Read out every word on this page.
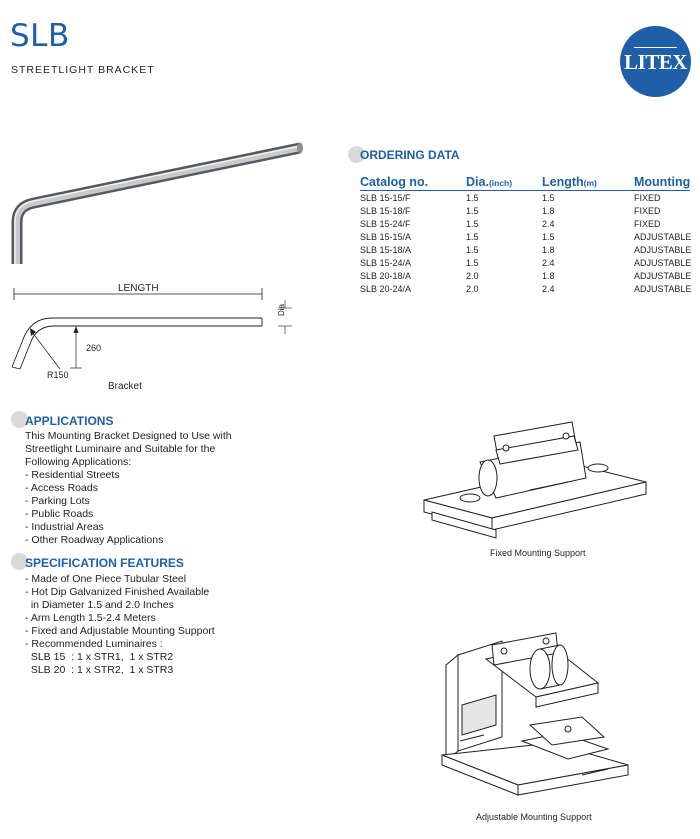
SLB
STREETLIGHT BRACKET	LITEX
LENGTH
Dia
260
R150
Bracket
ORDERING DATA
Catalog no.	Dia.(inch) Length(m)	Mounting
SLB 15-15/F	1.5	1.5	FIXED
SLB 15-18/F	1.5	1.8	FIXED
SLB 15-24/F	1.5	2.4	FIXED
SLB 15-15/A	1.5	1.5	ADJUSTABLE
SLB 15-18/A	1.5	1.8	ADJUSTABLE
SLB 15-24/A	1.5	2.4	ADJUSTABLE
SLB 20-18/A	2.0	1.8	ADJUSTABLE
SLB 20-24/A	2.0	2.4	ADJUSTABLE
APPLICATIONS
This Mounting Bracket Designed to Use with
Streetlight Luminaire and Suitable for the
Following Applications:
- Residential Streets
- Access Roads
- Parking Lots
- Public Roads
- Industrial Areas
- Other Roadway Applications
SPECIFICATION FEATURES
- Made of One Piece Tubular Steel
- Hot Dip Galvanized Finished Available
in Diameter 1.5 and 2.0 Inches
- Arm Length 1.5-2.4 Meters
- Fixed and Adjustable Mounting Support
- Recommended Luminaires :
SLB 15  : 1 x STR1,  1 x STR2
SLB 20  : 1 x STR2,  1 x STR3
Fixed Mounting Support
Adjustable Mounting Support
